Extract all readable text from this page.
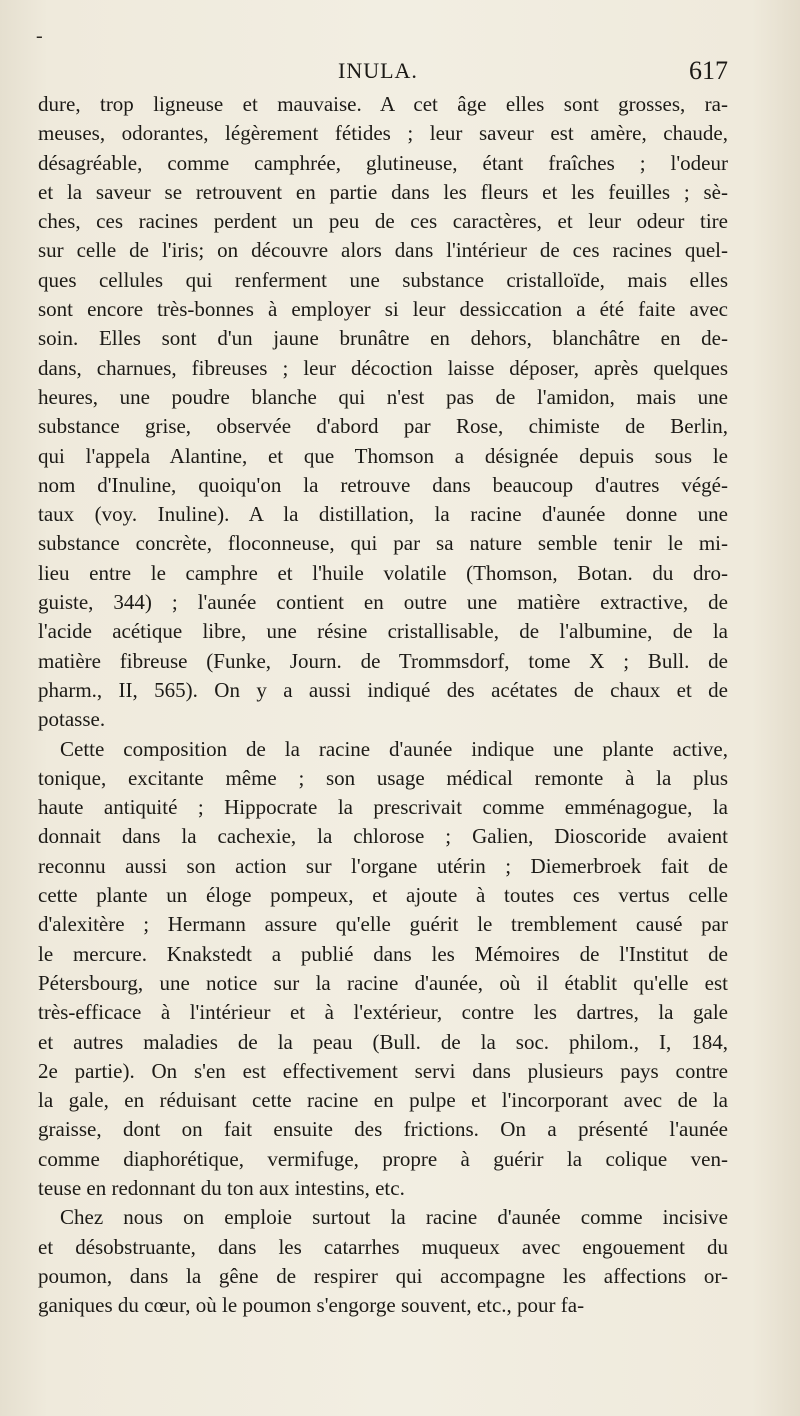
-
INULA.	617
dure, trop ligneuse et mauvaise. A cet âge elles sont grosses, ra-
meuses, odorantes, légèrement fétides ; leur saveur est amère, chaude,
désagréable, comme camphrée, glutineuse, étant fraîches ; l'odeur
et la saveur se retrouvent en partie dans les fleurs et les feuilles ; sè-
ches, ces racines perdent un peu de ces caractères, et leur odeur tire
sur celle de l'iris; on découvre alors dans l'intérieur de ces racines quel-
ques cellules qui renferment une substance cristalloïde, mais elles
sont encore très-bonnes à employer si leur dessiccation a été faite avec
soin. Elles sont d'un jaune brunâtre en dehors, blanchâtre en de-
dans, charnues, fibreuses ; leur décoction laisse déposer, après quelques
heures, une poudre blanche qui n'est pas de l'amidon, mais une
substance grise, observée d'abord par Rose, chimiste de Berlin,
qui l'appela Alantine, et que Thomson a désignée depuis sous le
nom d'Inuline, quoiqu'on la retrouve dans beaucoup d'autres végé-
taux (voy. Inuline). A la distillation, la racine d'aunée donne une
substance concrète, floconneuse, qui par sa nature semble tenir le mi-
lieu entre le camphre et l'huile volatile (Thomson, Botan. du dro-
guiste, 344) ; l'aunée contient en outre une matière extractive, de
l'acide acétique libre, une résine cristallisable, de l'albumine, de la
matière fibreuse (Funke, Journ. de Trommsdorf, tome X ; Bull. de
pharm., II, 565). On y a aussi indiqué des acétates de chaux et de
potasse.
Cette composition de la racine d'aunée indique une plante active,
tonique, excitante même ; son usage médical remonte à la plus
haute antiquité ; Hippocrate la prescrivait comme emménagogue, la
donnait dans la cachexie, la chlorose ; Galien, Dioscoride avaient
reconnu aussi son action sur l'organe utérin ; Diemerbroek fait de
cette plante un éloge pompeux, et ajoute à toutes ces vertus celle
d'alexitère ; Hermann assure qu'elle guérit le tremblement causé par
le mercure. Knakstedt a publié dans les Mémoires de l'Institut de
Pétersbourg, une notice sur la racine d'aunée, où il établit qu'elle est
très-efficace à l'intérieur et à l'extérieur, contre les dartres, la gale
et autres maladies de la peau (Bull. de la soc. philom., I, 184,
2e partie). On s'en est effectivement servi dans plusieurs pays contre
la gale, en réduisant cette racine en pulpe et l'incorporant avec de la
graisse, dont on fait ensuite des frictions. On a présenté l'aunée
comme diaphorétique, vermifuge, propre à guérir la colique ven-
teuse en redonnant du ton aux intestins, etc.
Chez nous on emploie surtout la racine d'aunée comme incisive
et désobstruante, dans les catarrhes muqueux avec engouement du
poumon, dans la gêne de respirer qui accompagne les affections or-
ganiques du cœur, où le poumon s'engorge souvent, etc., pour fa-
